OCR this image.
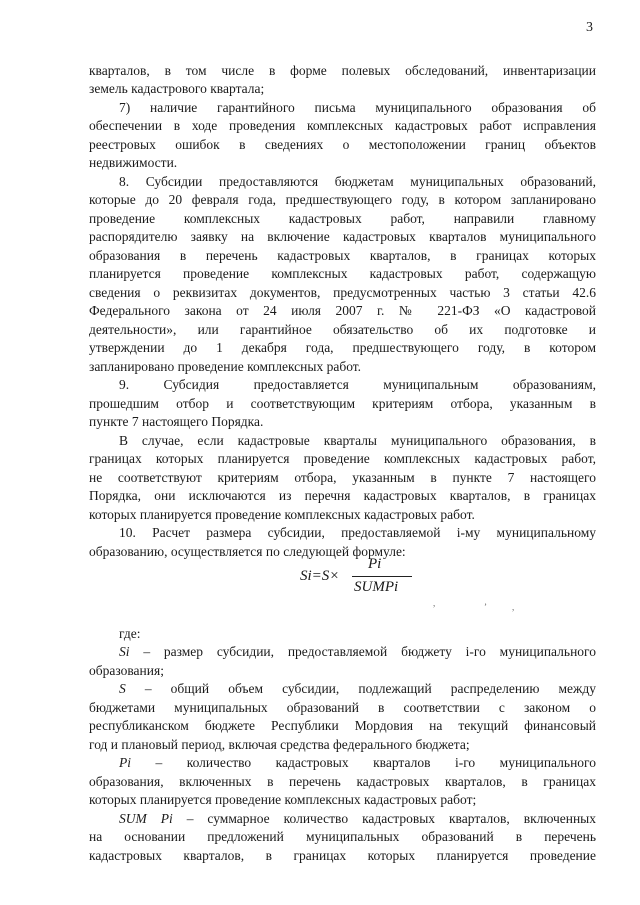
3
кварталов, в том числе в форме полевых обследований, инвентаризации
земель кадастрового квартала;
7) наличие гарантийного письма муниципального образования об
обеспечении в ходе проведения комплексных кадастровых работ исправления
реестровых ошибок в сведениях о местоположении границ объектов
недвижимости.
8. Субсидии предоставляются бюджетам муниципальных образований,
которые до 20 февраля года, предшествующего году, в котором запланировано
проведение комплексных кадастровых работ, направили главному
распорядителю заявку на включение кадастровых кварталов муниципального
образования в перечень кадастровых кварталов, в границах которых
планируется проведение комплексных кадастровых работ, содержащую
сведения о реквизитах документов, предусмотренных частью 3 статьи 42.6
Федерального закона от 24 июля 2007 г. № 221-ФЗ «О кадастровой
деятельности», или гарантийное обязательство об их подготовке и
утверждении до 1 декабря года, предшествующего году, в котором
запланировано проведение комплексных работ.
9. Субсидия предоставляется муниципальным образованиям,
прошедшим отбор и соответствующим критериям отбора, указанным в
пункте 7 настоящего Порядка.
В случае, если кадастровые кварталы муниципального образования, в
границах которых планируется проведение комплексных кадастровых работ,
не соответствуют критериям отбора, указанным в пункте 7 настоящего
Порядка, они исключаются из перечня кадастровых кварталов, в границах
которых планируется проведение комплексных кадастровых работ.
10. Расчет размера субсидии, предоставляемой i-му муниципальному
образованию, осуществляется по следующей формуле:
где:
Si – размер субсидии, предоставляемой бюджету i-го муниципального
образования;
S – общий объем субсидии, подлежащий распределению между
бюджетами муниципальных образований в соответствии с законом о
республиканском бюджете Республики Мордовия на текущий финансовый
год и плановый период, включая средства федерального бюджета;
Pi – количество кадастровых кварталов i-го муниципального
образования, включенных в перечень кадастровых кварталов, в границах
которых планируется проведение комплексных кадастровых работ;
SUM Pi – суммарное количество кадастровых кварталов, включенных
на основании предложений муниципальных образований в перечень
кадастровых кварталов, в границах которых планируется проведение
Si=S×
Pi
SUMPi
,	ʼ	,
